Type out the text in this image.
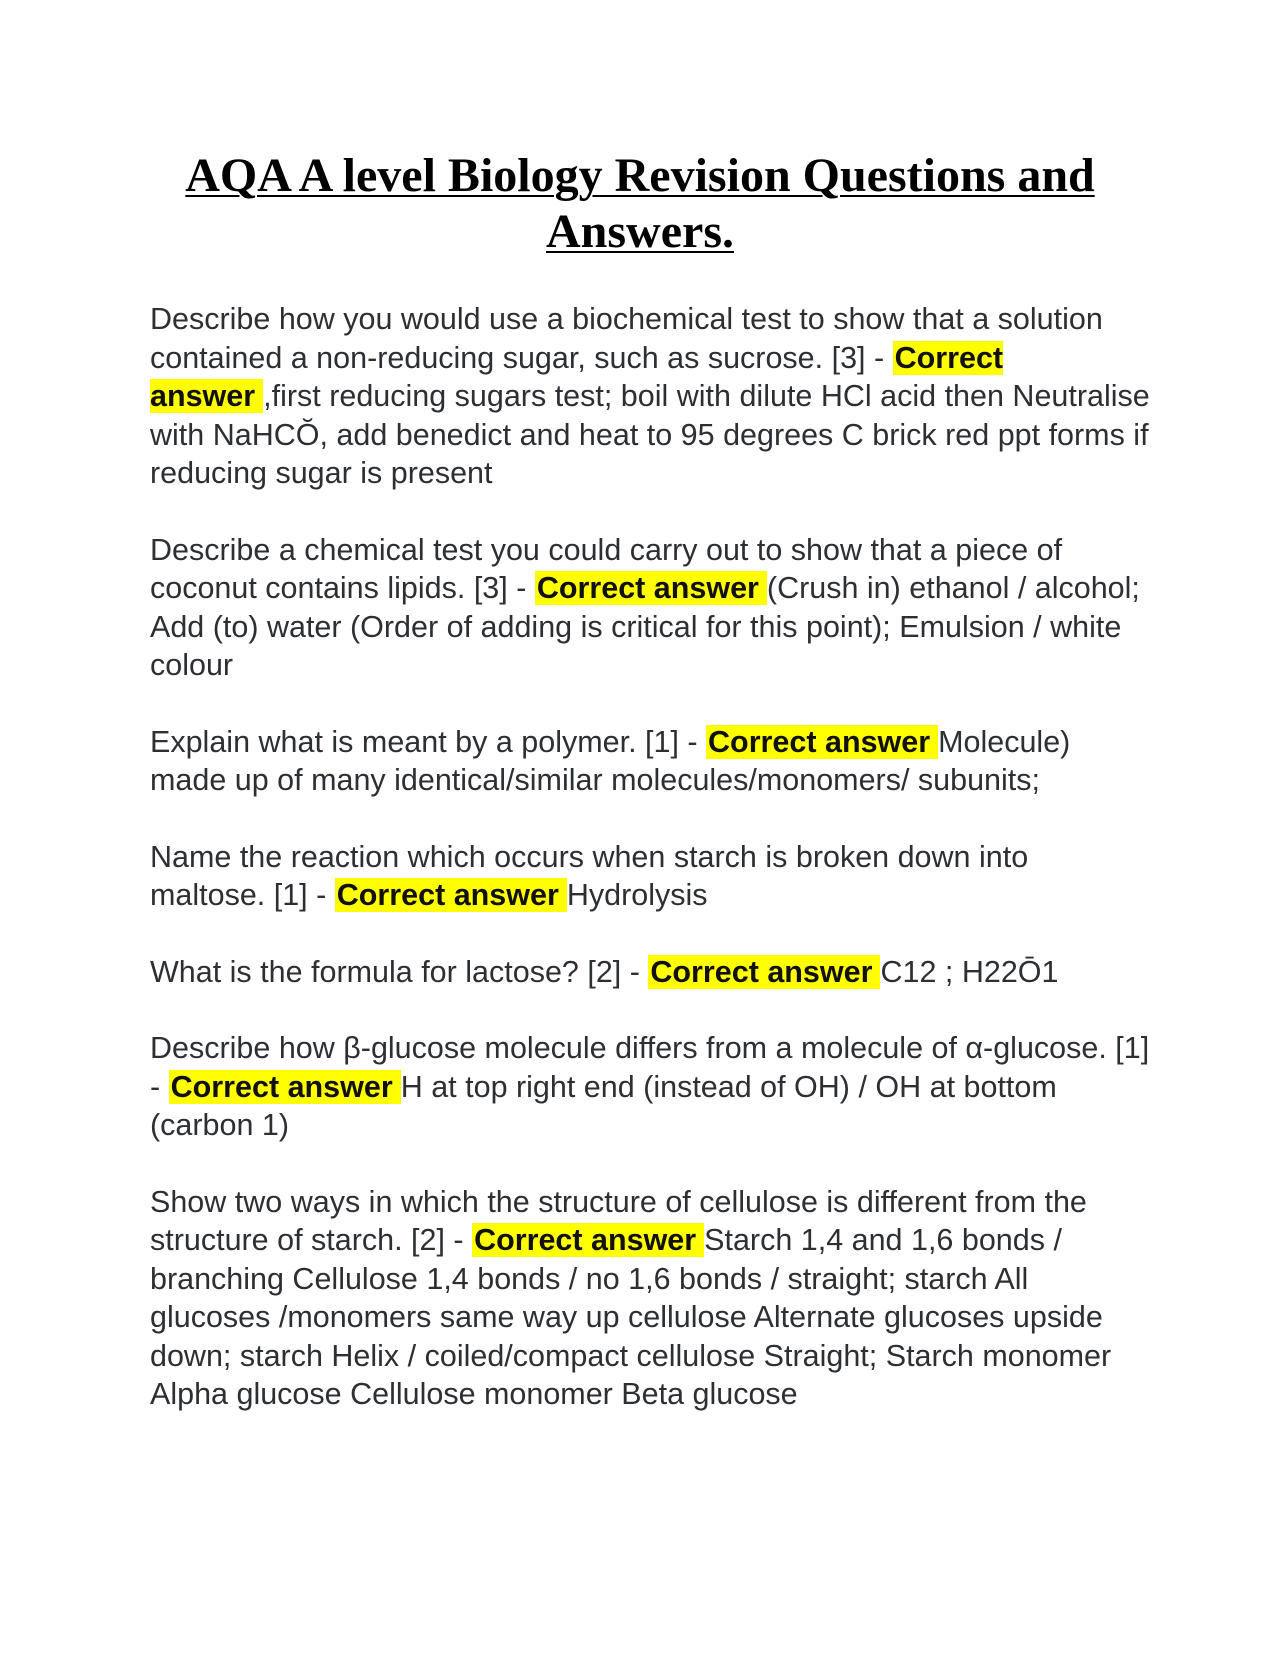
AQA A level Biology Revision Questions and Answers.

Describe how you would use a biochemical test to show that a solution contained a non-reducing sugar, such as sucrose. [3] - Correct answer ,first reducing sugars test; boil with dilute HCl acid then Neutralise with NaHCŎ, add benedict and heat to 95 degrees C brick red ppt forms if reducing sugar is present

Describe a chemical test you could carry out to show that a piece of coconut contains lipids. [3] - Correct answer (Crush in) ethanol / alcohol; Add (to) water (Order of adding is critical for this point); Emulsion / white colour

Explain what is meant by a polymer. [1] - Correct answer Molecule) made up of many identical/similar molecules/monomers/ subunits;

Name the reaction which occurs when starch is broken down into maltose. [1] - Correct answer Hydrolysis

What is the formula for lactose? [2] - Correct answer C12 ; H22Ō1

Describe how β-glucose molecule differs from a molecule of α-glucose. [1] - Correct answer H at top right end (instead of OH) / OH at bottom (carbon 1)

Show two ways in which the structure of cellulose is different from the structure of starch. [2] - Correct answer Starch 1,4 and 1,6 bonds / branching Cellulose 1,4 bonds / no 1,6 bonds / straight; starch All glucoses /monomers same way up cellulose Alternate glucoses upside down; starch Helix / coiled/compact cellulose Straight; Starch monomer Alpha glucose Cellulose monomer Beta glucose
